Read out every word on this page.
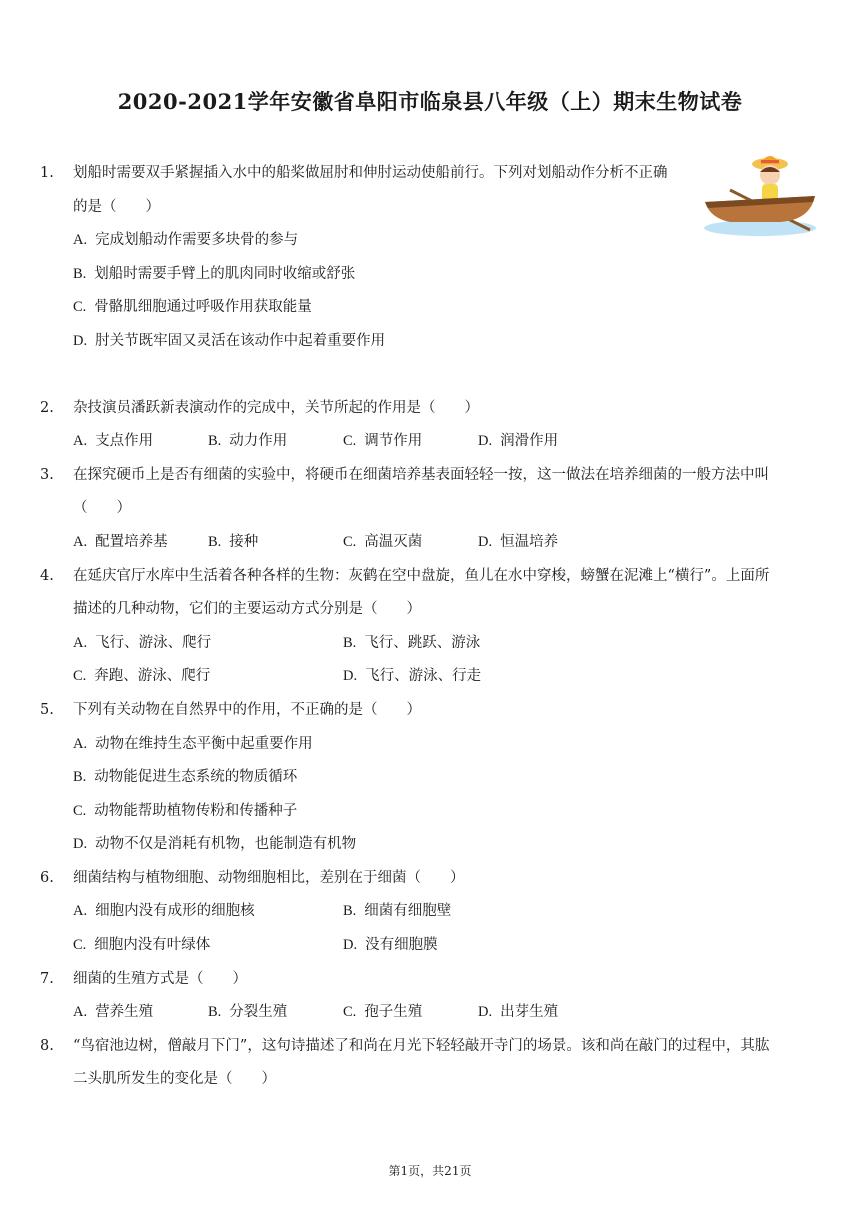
2020-2021学年安徽省阜阳市临泉县八年级（上）期末生物试卷
1. 划船时需要双手紧握插入水中的船桨做屈肘和伸肘运动使船前行。下列对划船动作分析不正确
的是（　　）
A. 完成划船动作需要多块骨的参与
B. 划船时需要手臂上的肌肉同时收缩或舒张
C. 骨骼肌细胞通过呼吸作用获取能量
D. 肘关节既牢固又灵活在该动作中起着重要作用
2. 杂技演员潘跃新表演动作的完成中，关节所起的作用是（　　）
A. 支点作用	B. 动力作用	C. 调节作用	D. 润滑作用
3. 在探究硬币上是否有细菌的实验中，将硬币在细菌培养基表面轻轻一按，这一做法在培养细菌的一般方法中叫
（　　）
A. 配置培养基	B. 接种	C. 高温灭菌	D. 恒温培养
4. 在延庆官厅水库中生活着各种各样的生物：灰鹤在空中盘旋，鱼儿在水中穿梭，螃蟹在泥滩上“横行”。上面所
描述的几种动物，它们的主要运动方式分别是（　　）
A. 飞行、游泳、爬行	B. 飞行、跳跃、游泳
C. 奔跑、游泳、爬行	D. 飞行、游泳、行走
5. 下列有关动物在自然界中的作用，不正确的是（　　）
A. 动物在维持生态平衡中起重要作用
B. 动物能促进生态系统的物质循环
C. 动物能帮助植物传粉和传播种子
D. 动物不仅是消耗有机物，也能制造有机物
6. 细菌结构与植物细胞、动物细胞相比，差别在于细菌（　　）
A. 细胞内没有成形的细胞核	B. 细菌有细胞壁
C. 细胞内没有叶绿体	D. 没有细胞膜
7. 细菌的生殖方式是（　　）
A. 营养生殖	B. 分裂生殖	C. 孢子生殖	D. 出芽生殖
8. “鸟宿池边树，僧敲月下门”，这句诗描述了和尚在月光下轻轻敲开寺门的场景。该和尚在敲门的过程中，其肱
二头肌所发生的变化是（　　）
第1页，共21页
